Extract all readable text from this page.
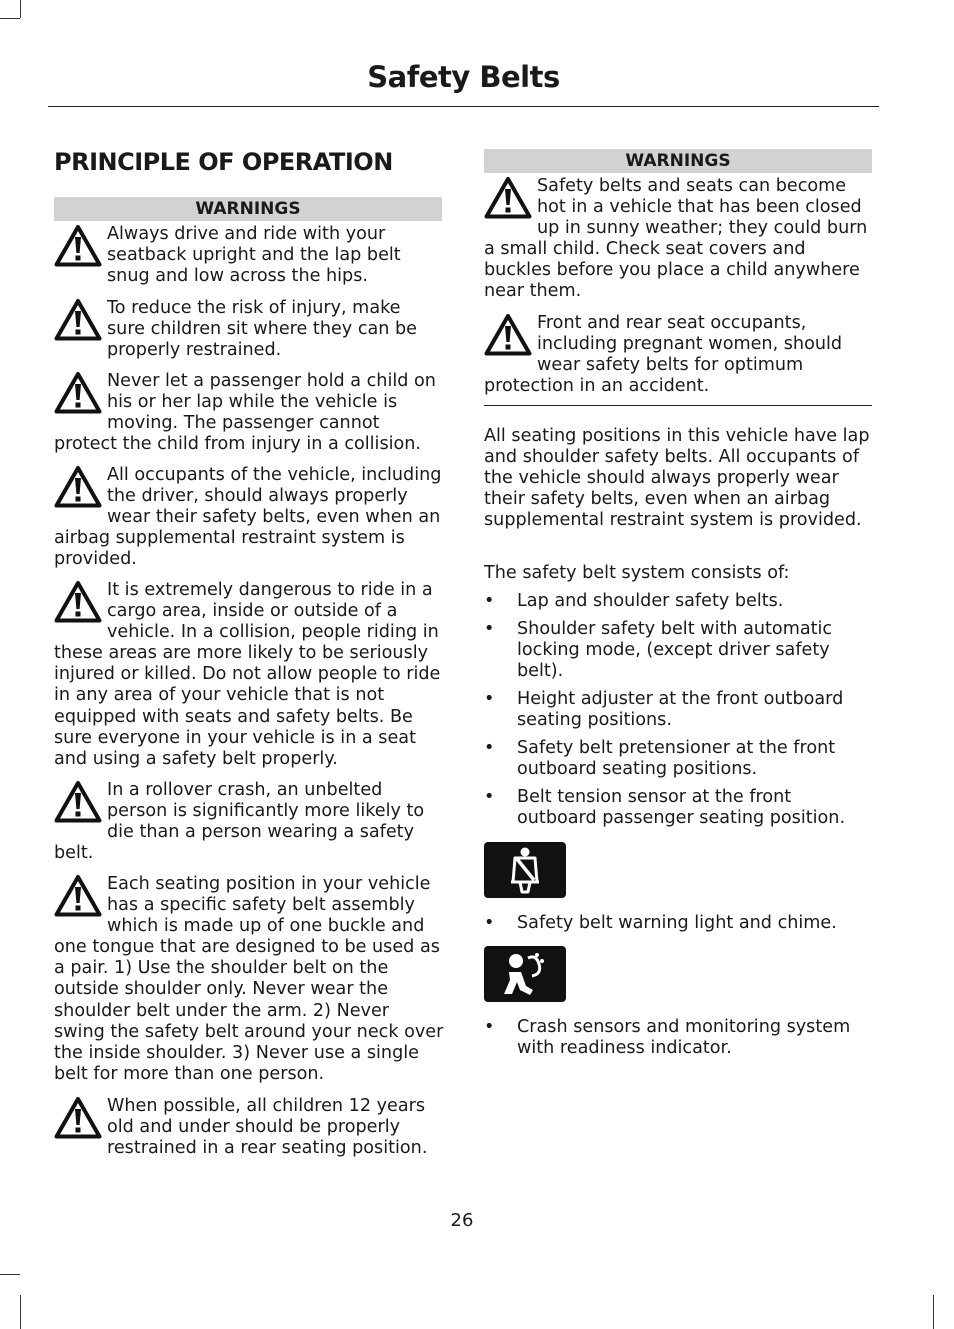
Safety Belts
PRINCIPLE OF OPERATION
WARNINGS
Always drive and ride with your seatback upright and the lap belt snug and low across the hips.
To reduce the risk of injury, make sure children sit where they can be properly restrained.
Never let a passenger hold a child on his or her lap while the vehicle is moving. The passenger cannot protect the child from injury in a collision.
All occupants of the vehicle, including the driver, should always properly wear their safety belts, even when an airbag supplemental restraint system is provided.
It is extremely dangerous to ride in a cargo area, inside or outside of a vehicle. In a collision, people riding in these areas are more likely to be seriously injured or killed. Do not allow people to ride in any area of your vehicle that is not equipped with seats and safety belts. Be sure everyone in your vehicle is in a seat and using a safety belt properly.
In a rollover crash, an unbelted person is significantly more likely to die than a person wearing a safety belt.
Each seating position in your vehicle has a specific safety belt assembly which is made up of one buckle and one tongue that are designed to be used as a pair. 1) Use the shoulder belt on the outside shoulder only. Never wear the shoulder belt under the arm. 2) Never swing the safety belt around your neck over the inside shoulder. 3) Never use a single belt for more than one person.
When possible, all children 12 years old and under should be properly restrained in a rear seating position.
WARNINGS
Safety belts and seats can become hot in a vehicle that has been closed up in sunny weather; they could burn a small child. Check seat covers and buckles before you place a child anywhere near them.
Front and rear seat occupants, including pregnant women, should wear safety belts for optimum protection in an accident.

All seating positions in this vehicle have lap and shoulder safety belts. All occupants of the vehicle should always properly wear their safety belts, even when an airbag supplemental restraint system is provided.

The safety belt system consists of:

• Lap and shoulder safety belts.
• Shoulder safety belt with automatic locking mode, (except driver safety belt).
• Height adjuster at the front outboard seating positions.
• Safety belt pretensioner at the front outboard seating positions.
• Belt tension sensor at the front outboard passenger seating position.
• Safety belt warning light and chime.
• Crash sensors and monitoring system with readiness indicator.
26
